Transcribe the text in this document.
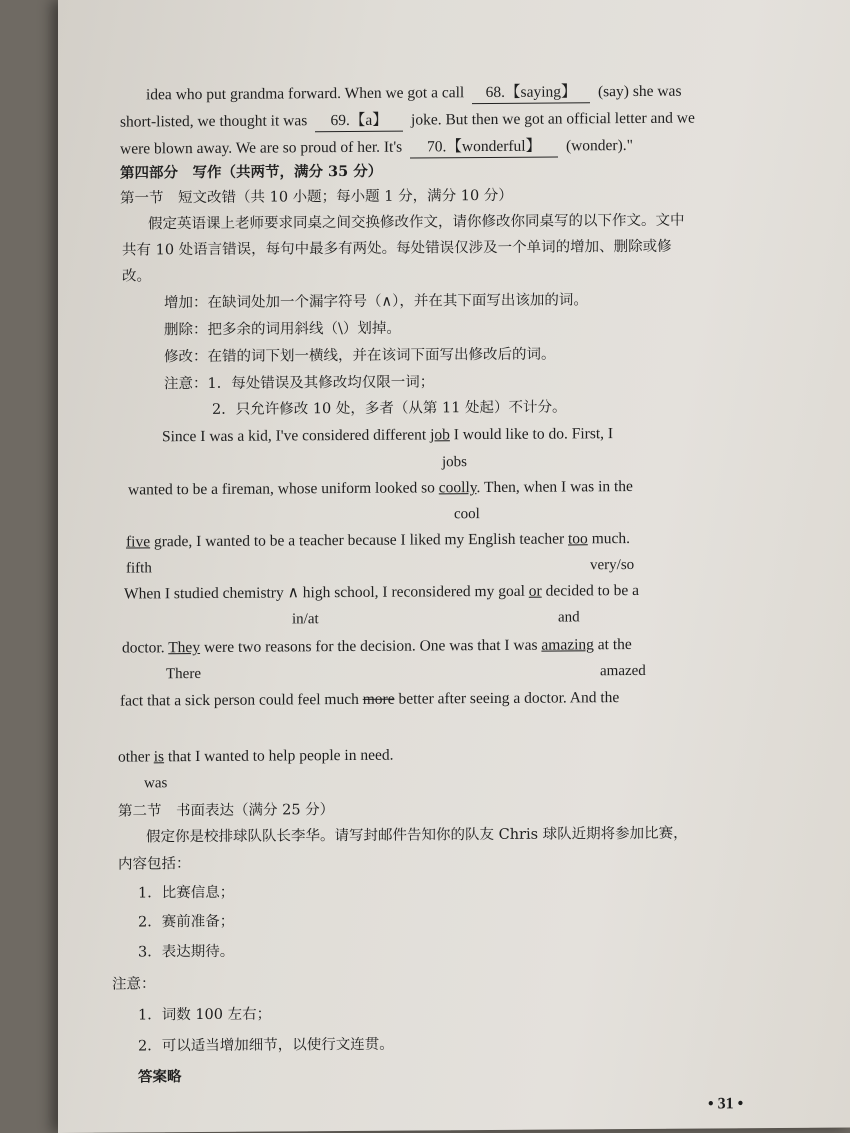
idea who put grandma forward. When we got a call 68.【saying】 (say) she was
short-listed, we thought it was 69.【a】 joke. But then we got an official letter and we
were blown away. We are so proud of her. It's 70.【wonderful】 (wonder)."
第四部分　写作（共两节，满分 35 分）
第一节　短文改错（共 10 小题；每小题 1 分，满分 10 分）
假定英语课上老师要求同桌之间交换修改作文，请你修改你同桌写的以下作文。文中
共有 10 处语言错误，每句中最多有两处。每处错误仅涉及一个单词的增加、删除或修
改。
增加：在缺词处加一个漏字符号（∧），并在其下面写出该加的词。
删除：把多余的词用斜线（\）划掉。
修改：在错的词下划一横线，并在该词下面写出修改后的词。
注意：1．每处错误及其修改均仅限一词；
2．只允许修改 10 处，多者（从第 11 处起）不计分。
Since I was a kid, I've considered different job I would like to do. First, I
jobs
wanted to be a fireman, whose uniform looked so coolly. Then, when I was in the
cool
five grade, I wanted to be a teacher because I liked my English teacher too much.
fifth	very/so
When I studied chemistry ∧ high school, I reconsidered my goal or decided to be a
in/at	and
doctor. They were two reasons for the decision. One was that I was amazing at the
There	amazed
fact that a sick person could feel much more better after seeing a doctor. And the
other is that I wanted to help people in need.
was
第二节　书面表达（满分 25 分）
假定你是校排球队队长李华。请写封邮件告知你的队友 Chris 球队近期将参加比赛，
内容包括：
1．比赛信息；
2．赛前准备；
3．表达期待。
注意：
1．词数 100 左右；
2．可以适当增加细节，以使行文连贯。
答案略
• 31 •
